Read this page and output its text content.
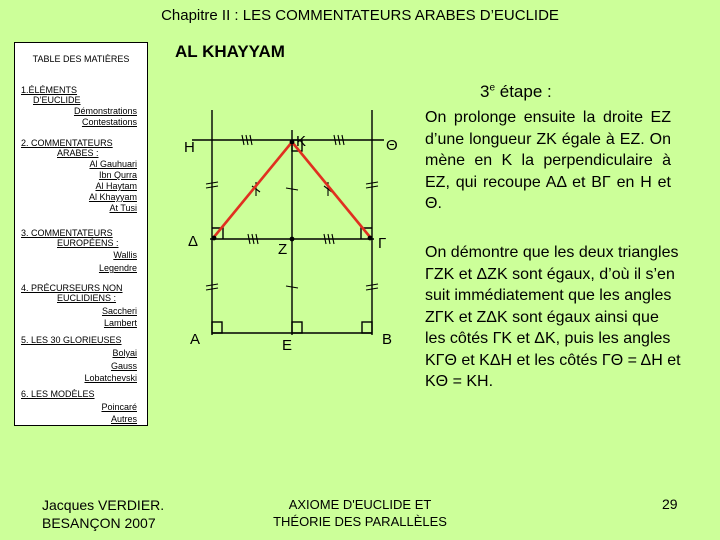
Chapitre II : LES COMMENTATEURS ARABES D’EUCLIDE
TABLE DES MATIÈRES
1.ÉLÉMENTS
D’EUCLIDE
Démonstrations
Contestations
2. COMMENTATEURS
ARABES :
Al Gauhuari
Ibn Qurra
Al Haytam
Al Khayyam
At Tusi
3. COMMENTATEURS
EUROPÉENS :
Wallis
Legendre
4. PRÉCURSEURS NON
EUCLIDIENS :
Saccheri
Lambert
5. LES 30 GLORIEUSES
Bolyai
Gauss
Lobatchevski
6. LES MODÈLES
Poincaré
Autres
AL KHAYYAM
H	K	Θ
Δ	Z	Γ
A	E	B
3e étape :
On prolonge ensuite la droite EZ d’une longueur ZK égale à EZ. On mène en K la perpendiculaire à EZ, qui recoupe AΔ et BΓ en H et Θ.
On démontre que les deux triangles ΓZK et ΔZK sont égaux, d’où il s’en suit immédiatement que les angles ZΓK et ZΔK sont égaux ainsi que les côtés ΓK et ΔK, puis les angles KΓΘ et KΔH et les côtés ΓΘ = ΔH et KΘ = KH.
Jacques VERDIER.
BESANÇON 2007
AXIOME D'EUCLIDE ET
THÉORIE DES PARALLÈLES
29
